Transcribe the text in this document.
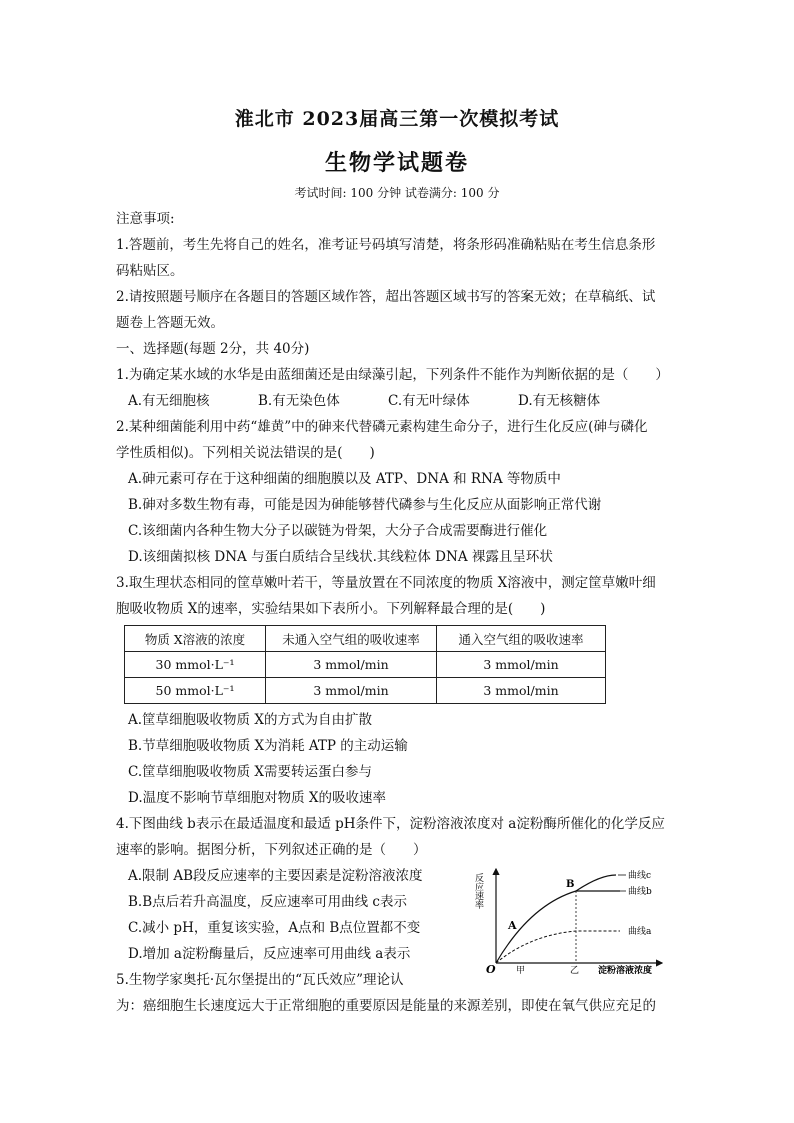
淮北市 2023届高三第一次模拟考试
生物学试题卷
考试时间: 100 分钟 试卷满分: 100 分
注意事项:
1.答题前，考生先将自己的姓名，准考证号码填写清楚，将条形码准确粘贴在考生信息条形
码粘贴区。
2.请按照题号顺序在各题目的答题区域作答，超出答题区域书写的答案无效；在草稿纸、试
题卷上答题无效。
一、选择题(每题 2分，共 40分)
1.为确定某水域的水华是由蓝细菌还是由绿藻引起，下列条件不能作为判断依据的是（　　）
A.有无细胞核	B.有无染色体	C.有无叶绿体	D.有无核糖体
2.某种细菌能利用中药“雄黄”中的砷来代替磷元素构建生命分子，进行生化反应(砷与磷化
学性质相似)。下列相关说法错误的是(　　)
A.砷元素可存在于这种细菌的细胞膜以及 ATP、DNA 和 RNA 等物质中
B.砷对多数生物有毒，可能是因为砷能够替代磷参与生化反应从面影响正常代谢
C.该细菌内各种生物大分子以碳链为骨架，大分子合成需要酶进行催化
D.该细菌拟核 DNA 与蛋白质结合呈线状.其线粒体 DNA 裸露且呈环状
3.取生理状态相同的筐草嫩叶若干，等量放置在不同浓度的物质 X溶液中，测定筐草嫩叶细
胞吸收物质 X的速率，实验结果如下表所小。下列解释最合理的是(　　)
物质 X溶液的浓度	未通入空气组的吸收速率	通入空气组的吸收速率
30 mmol·L⁻¹	3 mmol/min	3 mmol/min
50 mmol·L⁻¹	3 mmol/min	3 mmol/min
A.筐草细胞吸收物质 X的方式为自由扩散
B.节草细胞吸收物质 X为消耗 ATP 的主动运输
C.筐草细胞吸收物质 X需要转运蛋白参与
D.温度不影响节草细胞对物质 X的吸收速率
4.下图曲线 b表示在最适温度和最适 pH条件下，淀粉溶液浓度对 a淀粉酶所催化的化学反应
速率的影响。据图分析，下列叙述正确的是（　　）
A.限制 AB段反应速率的主要因素是淀粉溶液浓度
B.B点后若升高温度，反应速率可用曲线 c表示
C.减小 pH，重复该实验，A点和 B点位置都不变
D.增加 a淀粉酶量后，反应速率可用曲线 a表示
反应速率
O 甲	乙 淀粉溶液浓度
A
B
曲线c
曲线b
曲线a
5.生物学家奥托·瓦尔堡提出的“瓦氏效应”理论认
为：癌细胞生长速度远大于正常细胞的重要原因是能量的来源差别，即使在氧气供应充足的
